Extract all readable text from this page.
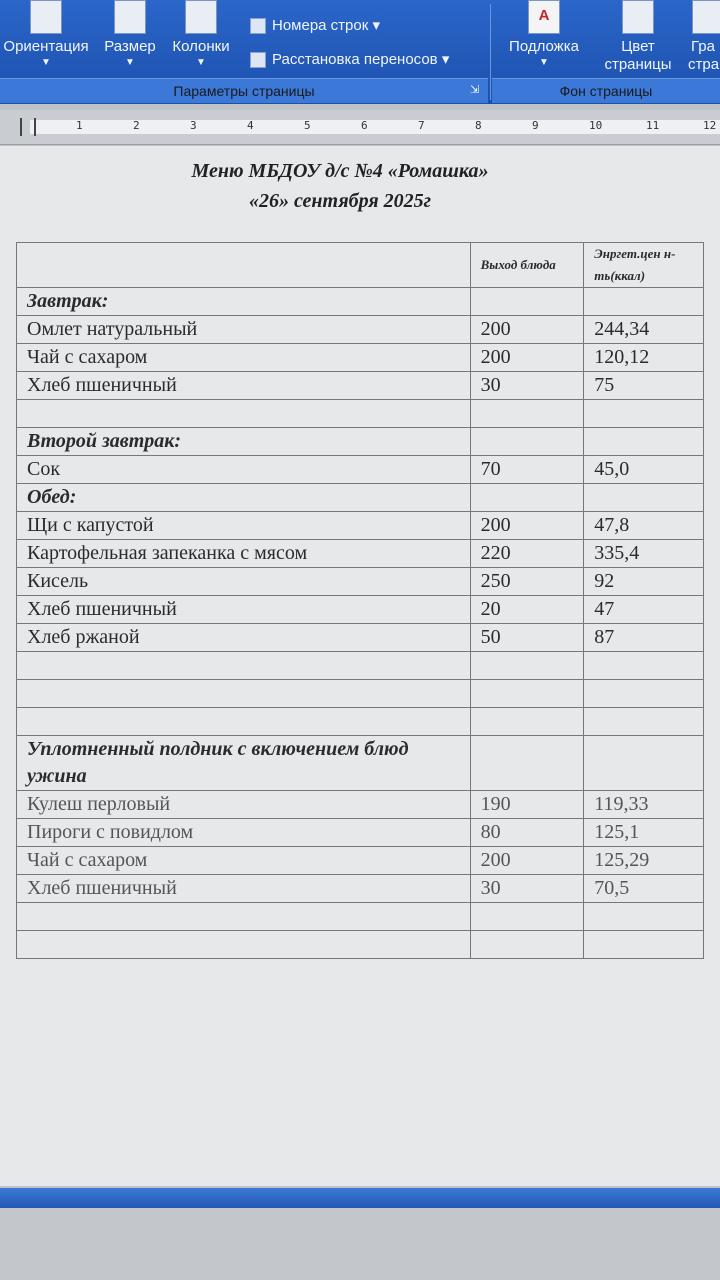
Ориентация
▼
Размер
▼
Колонки
▼
Номера строк ▾
Расстановка переносов ▾
A
Подложка
▼
Цвет страницы
Гра стра
Параметры страницы	⇲	Фон страницы
1	2	3	4	5	6	7	8	9	10	11	12
Меню МБДОУ д/с №4 «Ромашка»
«26» сентября 2025г
	Выход блюда	Энргет.цен н-ть(ккал)
Завтрак:		
Омлет натуральный	200	244,34
Чай с сахаром	200	120,12
Хлеб пшеничный	30	75

Второй завтрак:		
Сок	70	45,0
Обед:		
Щи с капустой	200	47,8
Картофельная запеканка с мясом	220	335,4
Кисель	250	92
Хлеб пшеничный	20	47
Хлеб ржаной	50	87

Уплотненный полдник с включением блюд ужина		
Кулеш перловый	190	119,33
Пироги с повидлом	80	125,1
Чай с сахаром	200	125,29
Хлеб пшеничный	30	70,5
